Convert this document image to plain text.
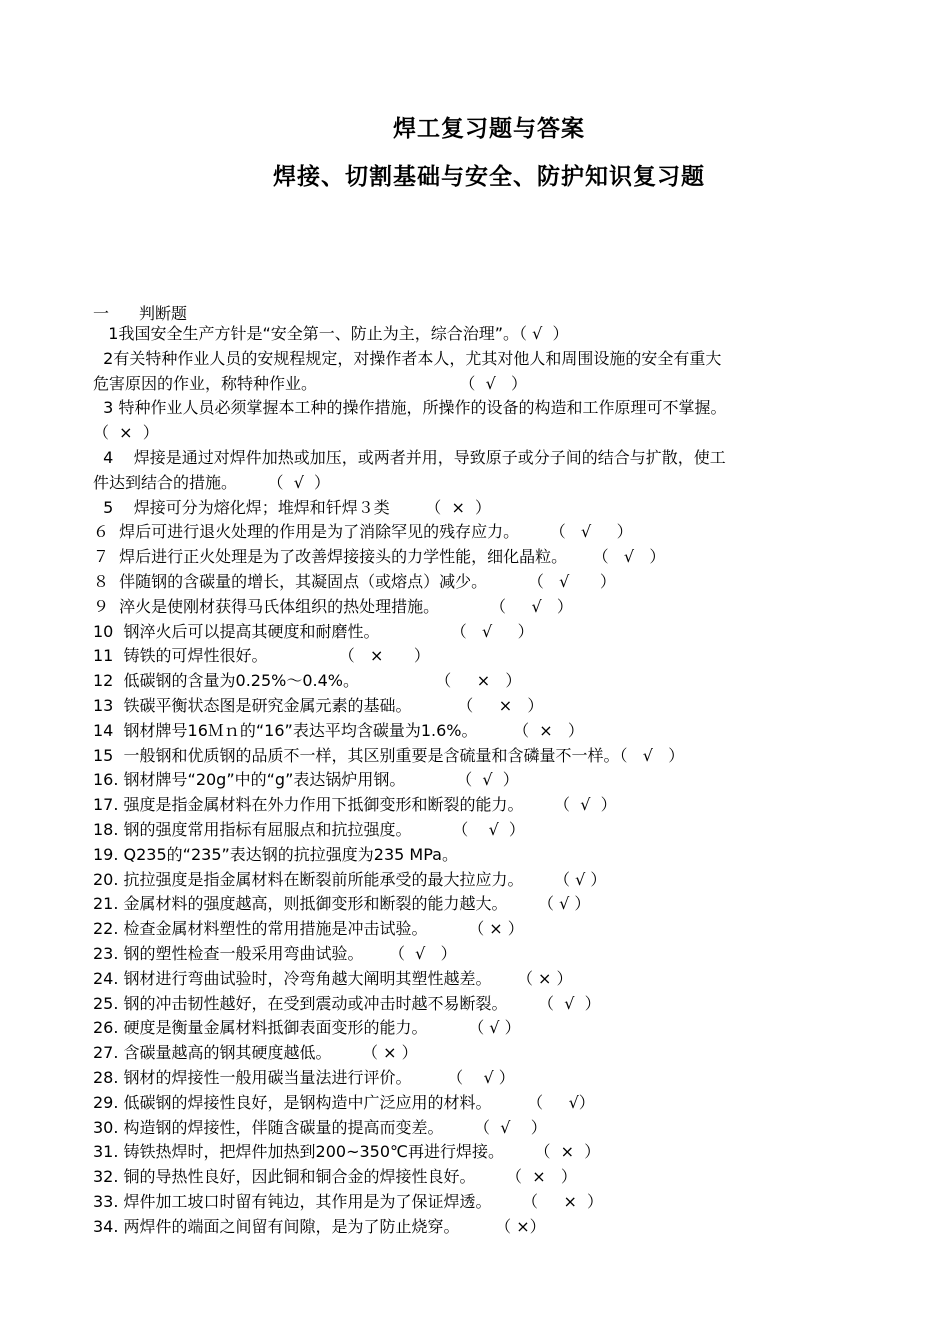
焊工复习题与答案
焊接、切割基础与安全、防护知识复习题
一 判断题
1我国安全生产方针是“安全第一、防止为主，综合治理”。（ √  ）
2有关特种作业人员的安规程规定，对操作者本人，尤其对他人和周围设施的安全有重大
危害原因的作业，称特种作业。                            （  √   ）
3 特种作业人员必须掌握本工种的操作措施，所操作的设备的构造和工作原理可不掌握。
（  ×  ）
4    焊接是通过对焊件加热或加压，或两者并用，导致原子或分子间的结合与扩散，使工
件达到结合的措施。      （  √  ）
5    焊接可分为熔化焊；堆焊和钎焊３类       （  ×  ）
６  焊后可进行退火处理的作用是为了消除罕见的残存应力。      （   √     ）
７  焊后进行正火处理是为了改善焊接接头的力学性能，细化晶粒。     （   √   ）
８  伴随钢的含碳量的增长，其凝固点（或熔点）减少。        （   √      ）
９  淬火是使刚材获得马氏体组织的热处理措施。          （     √   ）
10  钢淬火后可以提高其硬度和耐磨性。              （   √     ）
11  铸铁的可焊性很好。              （   ×      ）
12  低碳钢的含量为0.25%～0.4%。               （     ×   ）
13  铁碳平衡状态图是研究金属元素的基础。         （     ×   ）
14  钢材牌号16Ｍｎ的“16”表达平均含碳量为1.6%。       （  ×   ）
15  一般钢和优质钢的品质不一样，其区别重要是含硫量和含磷量不一样。（   √   ）
16. 钢材牌号“20g”中的“g”表达锅炉用钢。          （  √  ）
17. 强度是指金属材料在外力作用下抵御变形和断裂的能力。      （  √  ）
18. 钢的强度常用指标有屈服点和抗拉强度。        （    √  ）
19. Q235的“235”表达钢的抗拉强度为235 MPa。
20. 抗拉强度是指金属材料在断裂前所能承受的最大拉应力。      （ √ ）
21. 金属材料的强度越高，则抵御变形和断裂的能力越大。      （ √ ）
22. 检查金属材料塑性的常用措施是冲击试验。        （ × ）
23. 钢的塑性检查一般采用弯曲试验。     （  √   ）
24. 钢材进行弯曲试验时，冷弯角越大阐明其塑性越差。     （ × ）
25. 钢的冲击韧性越好，在受到震动或冲击时越不易断裂。      （  √  ）
26. 硬度是衡量金属材料抵御表面变形的能力。        （ √ ）
27. 含碳量越高的钢其硬度越低。      （ × ）
28. 钢材的焊接性一般用碳当量法进行评价。       （    √ ）
29. 低碳钢的焊接性良好，是钢构造中广泛应用的材料。       （     √）
30. 构造钢的焊接性，伴随含碳量的提高而变差。      （  √    ）
31. 铸铁热焊时，把焊件加热到200~350℃再进行焊接。      （  ×  ）
32. 铜的导热性良好，因此铜和铜合金的焊接性良好。      （  ×   ）
33. 焊件加工坡口时留有钝边，其作用是为了保证焊透。      （     ×  ）
34. 两焊件的端面之间留有间隙，是为了防止烧穿。       （ ×）
